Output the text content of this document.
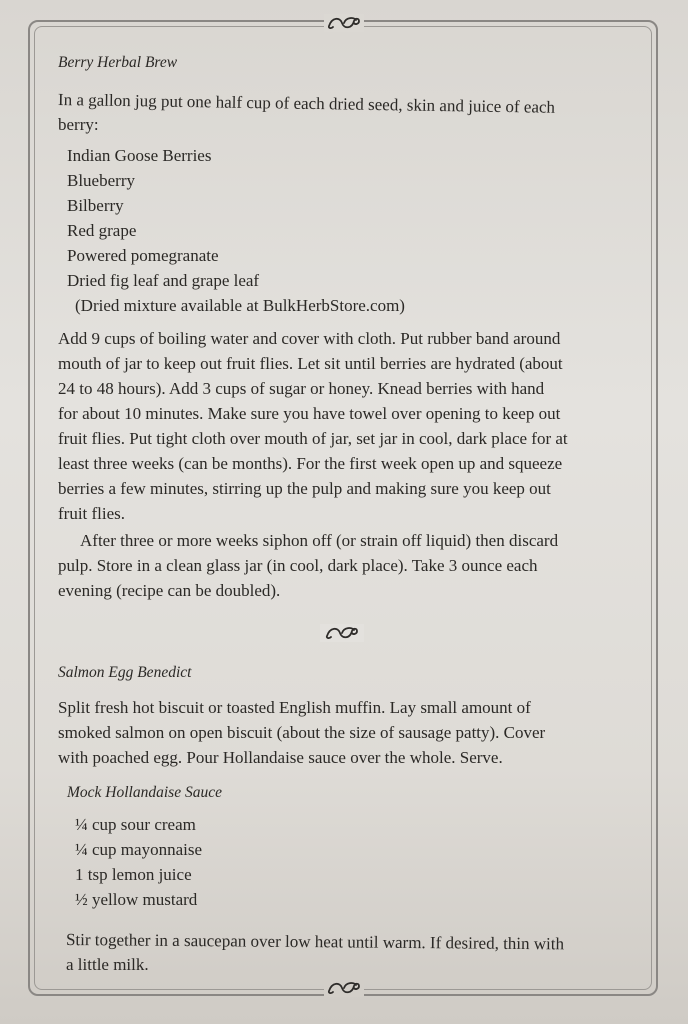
Berry Herbal Brew
In a gallon jug put one half cup of each dried seed, skin and juice of each
berry:
Indian Goose Berries
Blueberry
Bilberry
Red grape
Powered pomegranate
Dried fig leaf and grape leaf
(Dried mixture available at BulkHerbStore.com)
Add 9 cups of boiling water and cover with cloth. Put rubber band around
mouth of jar to keep out fruit flies. Let sit until berries are hydrated (about
24 to 48 hours). Add 3 cups of sugar or honey. Knead berries with hand
for about 10 minutes. Make sure you have towel over opening to keep out
fruit flies. Put tight cloth over mouth of jar, set jar in cool, dark place for at
least three weeks (can be months). For the first week open up and squeeze
berries a few minutes, stirring up the pulp and making sure you keep out
fruit flies.
After three or more weeks siphon off (or strain off liquid) then discard
pulp. Store in a clean glass jar (in cool, dark place). Take 3 ounce each
evening (recipe can be doubled).
Salmon Egg Benedict
Split fresh hot biscuit or toasted English muffin. Lay small amount of
smoked salmon on open biscuit (about the size of sausage patty). Cover
with poached egg. Pour Hollandaise sauce over the whole. Serve.
Mock Hollandaise Sauce
¼ cup sour cream
¼ cup mayonnaise
1 tsp lemon juice
½ yellow mustard
Stir together in a saucepan over low heat until warm. If desired, thin with
a little milk.
